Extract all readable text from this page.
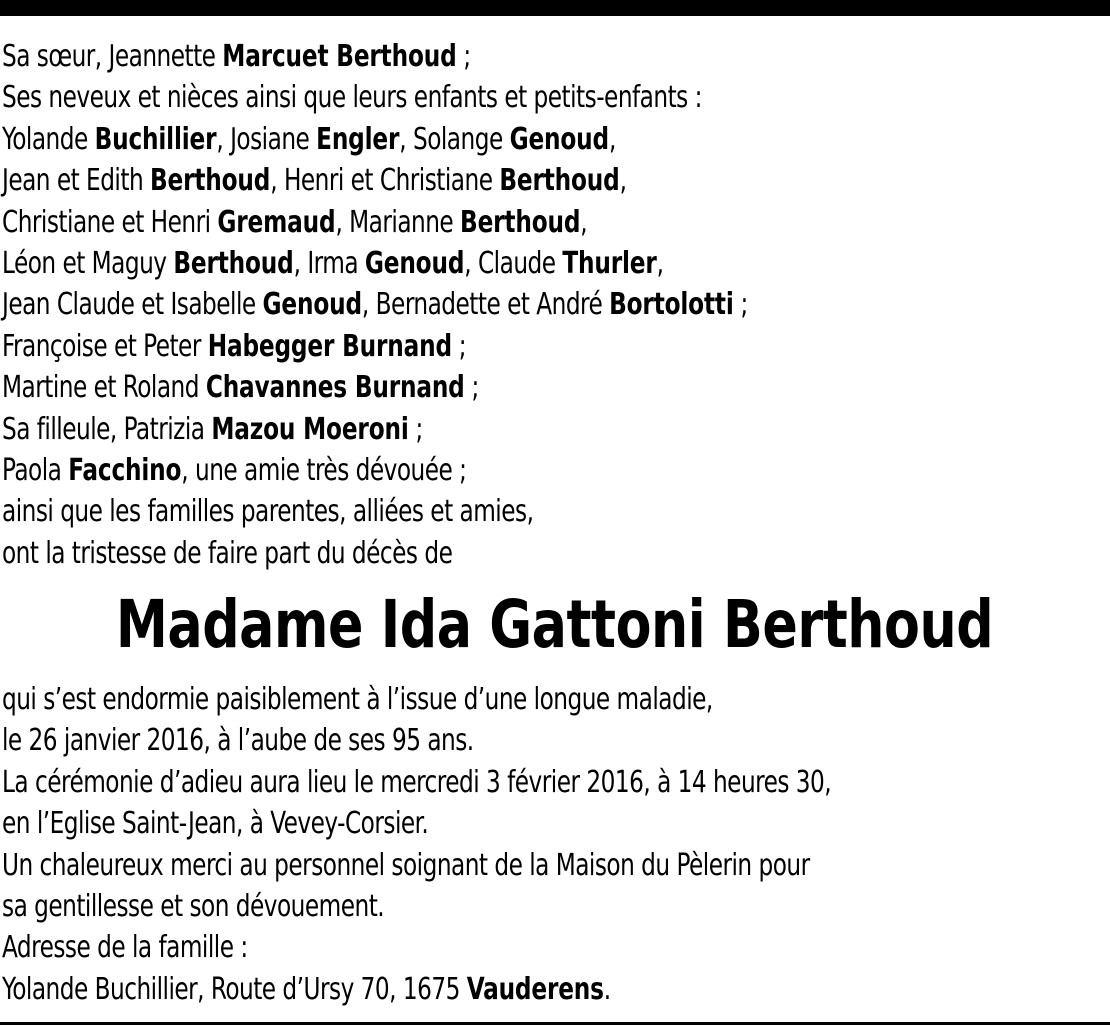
Sa sœur, Jeannette Marcuet Berthoud ;
Ses neveux et nièces ainsi que leurs enfants et petits-enfants :
Yolande Buchillier, Josiane Engler, Solange Genoud,
Jean et Edith Berthoud, Henri et Christiane Berthoud,
Christiane et Henri Gremaud, Marianne Berthoud,
Léon et Maguy Berthoud, Irma Genoud, Claude Thurler,
Jean Claude et Isabelle Genoud, Bernadette et André Bortolotti ;
Françoise et Peter Habegger Burnand ;
Martine et Roland Chavannes Burnand ;
Sa filleule, Patrizia Mazou Moeroni ;
Paola Facchino, une amie très dévouée ;
ainsi que les familles parentes, alliées et amies,
ont la tristesse de faire part du décès de
Madame Ida Gattoni Berthoud
qui s’est endormie paisiblement à l’issue d’une longue maladie,
le 26 janvier 2016, à l’aube de ses 95 ans.
La cérémonie d’adieu aura lieu le mercredi 3 février 2016, à 14 heures 30,
en l’Eglise Saint-Jean, à Vevey-Corsier.
Un chaleureux merci au personnel soignant de la Maison du Pèlerin pour
sa gentillesse et son dévouement.
Adresse de la famille :
Yolande Buchillier, Route d’Ursy 70, 1675 Vauderens.
